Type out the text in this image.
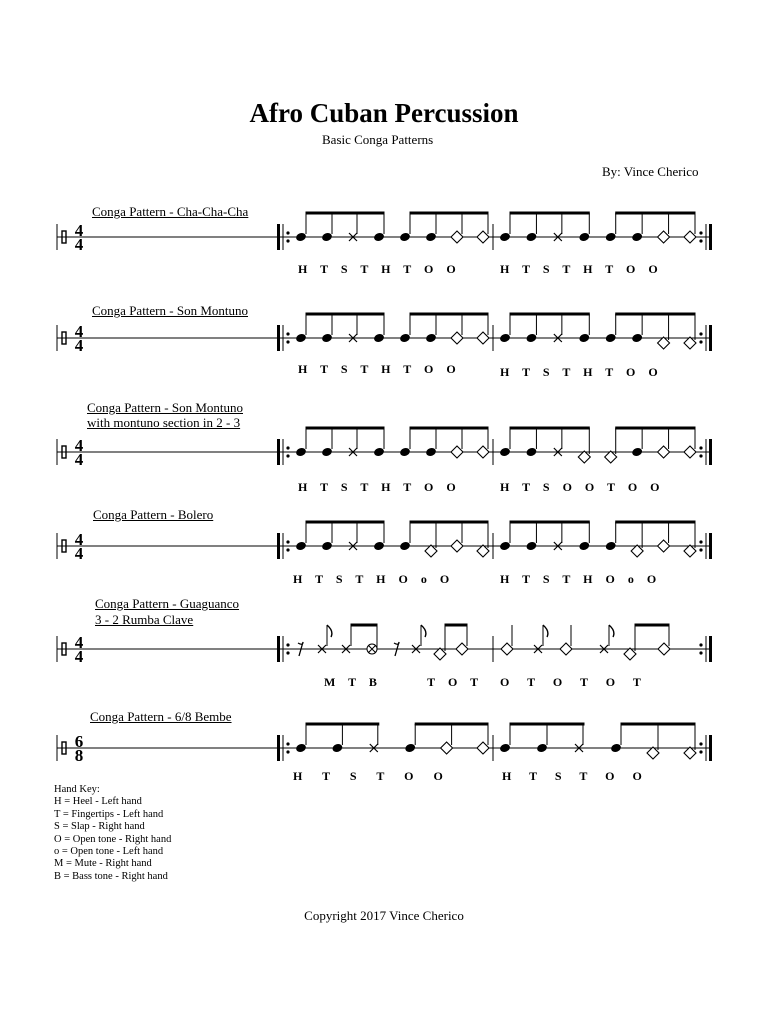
Afro Cuban Percussion
Basic Conga Patterns
By: Vince Cherico
Conga Pattern - Cha-Cha-Cha
4
4
4
4
4
4
4
4
4
4
6
8
H T S T H T O O	H T S T H T O O
Conga Pattern - Son Montuno
H T S T H T O O	H T S T H T O O
Conga Pattern - Son Montuno
with montuno section in 2 - 3
H T S T H T O O	H T S O O T O O
Conga Pattern - Bolero
H T S T H O o O	H T S T H O o O
Conga Pattern - Guaguanco
3 - 2 Rumba Clave
M T B    T O T O T O T O T
Conga Pattern - 6/8 Bembe
H T S T O O	H T S T O O
Hand Key:
H = Heel - Left hand
T = Fingertips - Left hand
S = Slap - Right hand
O = Open tone - Right hand
o = Open tone - Left hand
M = Mute - Right hand
B = Bass tone - Right hand
Copyright 2017 Vince Cherico
